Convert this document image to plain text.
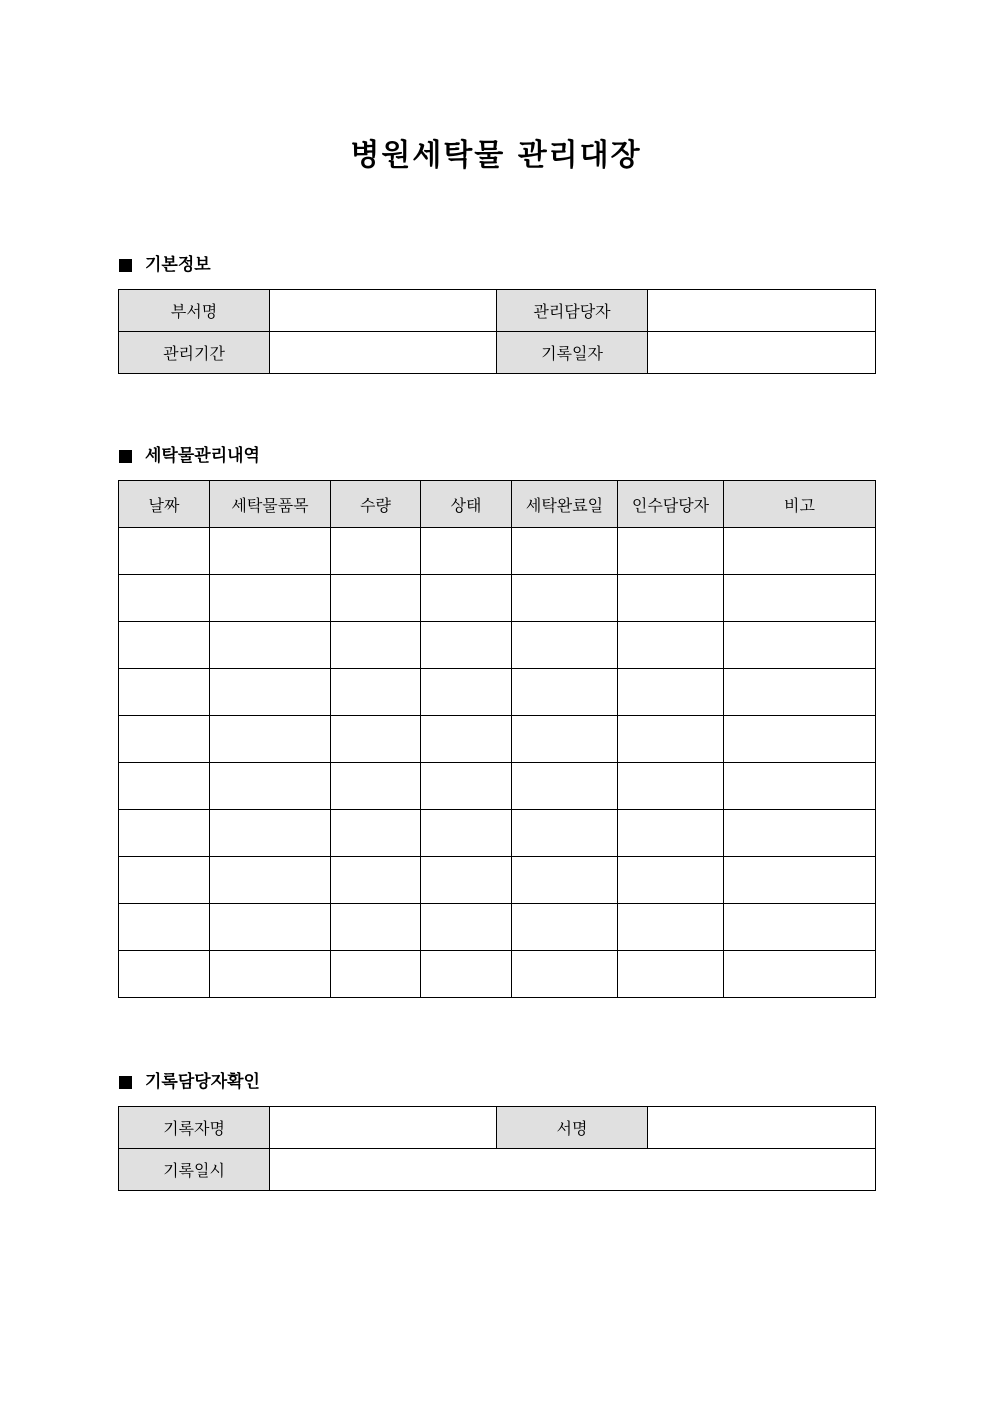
병원세탁물 관리대장
기본정보
부서명		관리담당자	
관리기간		기록일자	
세탁물관리내역
날짜	세탁물품목	수량	상태	세탁완료일	인수담당자	비고

기록담당자확인
기록자명		서명	
기록일시			
